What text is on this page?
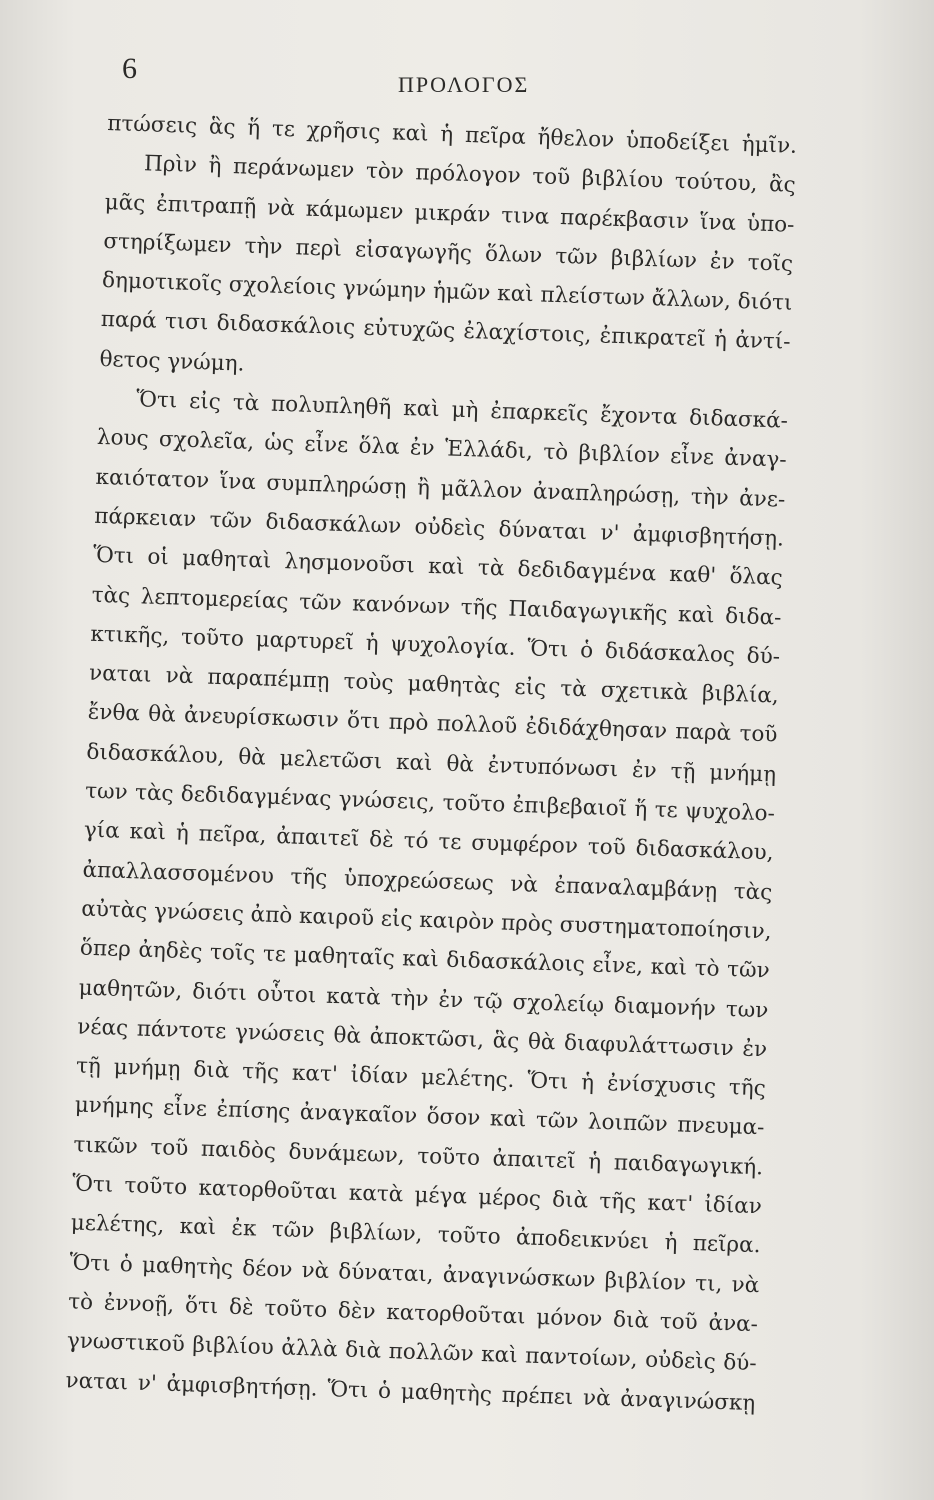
6	ΠΡΟΛΟΓΟΣ
πτώσεις ἃς ἥ τε χρῆσις καὶ ἡ πεῖρα ἤθελον ὑποδείξει ἡμῖν.
Πρὶν ἢ περάνωμεν τὸν πρόλογον τοῦ βιβλίου τούτου, ἂς
μᾶς ἐπιτραπῇ νὰ κάμωμεν μικράν τινα παρέκβασιν ἵνα ὑπο-
στηρίξωμεν τὴν περὶ εἰσαγωγῆς ὅλων τῶν βιβλίων ἐν τοῖς
δημοτικοῖς σχολείοις γνώμην ἡμῶν καὶ πλείστων ἄλλων, διότι
παρά τισι διδασκάλοις εὐτυχῶς ἐλαχίστοις, ἐπικρατεῖ ἡ ἀντί-
θετος γνώμη.
Ὅτι εἰς τὰ πολυπληθῆ καὶ μὴ ἐπαρκεῖς ἔχοντα διδασκά-
λους σχολεῖα, ὡς εἶνε ὅλα ἐν Ἑλλάδι, τὸ βιβλίον εἶνε ἀναγ-
καιότατον ἵνα συμπληρώσῃ ἢ μᾶλλον ἀναπληρώσῃ, τὴν ἀνε-
πάρκειαν τῶν διδασκάλων οὐδεὶς δύναται ν' ἀμφισβητήσῃ.
Ὅτι οἱ μαθηταὶ λησμονοῦσι καὶ τὰ δεδιδαγμένα καθ' ὅλας
τὰς λεπτομερείας τῶν κανόνων τῆς Παιδαγωγικῆς καὶ διδα-
κτικῆς, τοῦτο μαρτυρεῖ ἡ ψυχολογία. Ὅτι ὁ διδάσκαλος δύ-
ναται νὰ παραπέμπῃ τοὺς μαθητὰς εἰς τὰ σχετικὰ βιβλία,
ἔνθα θὰ ἀνευρίσκωσιν ὅτι πρὸ πολλοῦ ἐδιδάχθησαν παρὰ τοῦ
διδασκάλου, θὰ μελετῶσι καὶ θὰ ἐντυπόνωσι ἐν τῇ μνήμῃ
των τὰς δεδιδαγμένας γνώσεις, τοῦτο ἐπιβεβαιοῖ ἥ τε ψυχολο-
γία καὶ ἡ πεῖρα, ἀπαιτεῖ δὲ τό τε συμφέρον τοῦ διδασκάλου,
ἀπαλλασσομένου τῆς ὑποχρεώσεως νὰ ἐπαναλαμβάνῃ τὰς
αὐτὰς γνώσεις ἀπὸ καιροῦ εἰς καιρὸν πρὸς συστηματοποίησιν,
ὅπερ ἀηδὲς τοῖς τε μαθηταῖς καὶ διδασκάλοις εἶνε, καὶ τὸ τῶν
μαθητῶν, διότι οὗτοι κατὰ τὴν ἐν τῷ σχολείῳ διαμονήν των
νέας πάντοτε γνώσεις θὰ ἀποκτῶσι, ἃς θὰ διαφυλάττωσιν ἐν
τῇ μνήμῃ διὰ τῆς κατ' ἰδίαν μελέτης. Ὅτι ἡ ἐνίσχυσις τῆς
μνήμης εἶνε ἐπίσης ἀναγκαῖον ὅσον καὶ τῶν λοιπῶν πνευμα-
τικῶν τοῦ παιδὸς δυνάμεων, τοῦτο ἀπαιτεῖ ἡ παιδαγωγική.
Ὅτι τοῦτο κατορθοῦται κατὰ μέγα μέρος διὰ τῆς κατ' ἰδίαν
μελέτης, καὶ ἐκ τῶν βιβλίων, τοῦτο ἀποδεικνύει ἡ πεῖρα.
Ὅτι ὁ μαθητὴς δέον νὰ δύναται, ἀναγινώσκων βιβλίον τι, νὰ
τὸ ἐννοῇ, ὅτι δὲ τοῦτο δὲν κατορθοῦται μόνον διὰ τοῦ ἀνα-
γνωστικοῦ βιβλίου ἀλλὰ διὰ πολλῶν καὶ παντοίων, οὐδεὶς δύ-
ναται ν' ἀμφισβητήσῃ. Ὅτι ὁ μαθητὴς πρέπει νὰ ἀναγινώσκῃ
